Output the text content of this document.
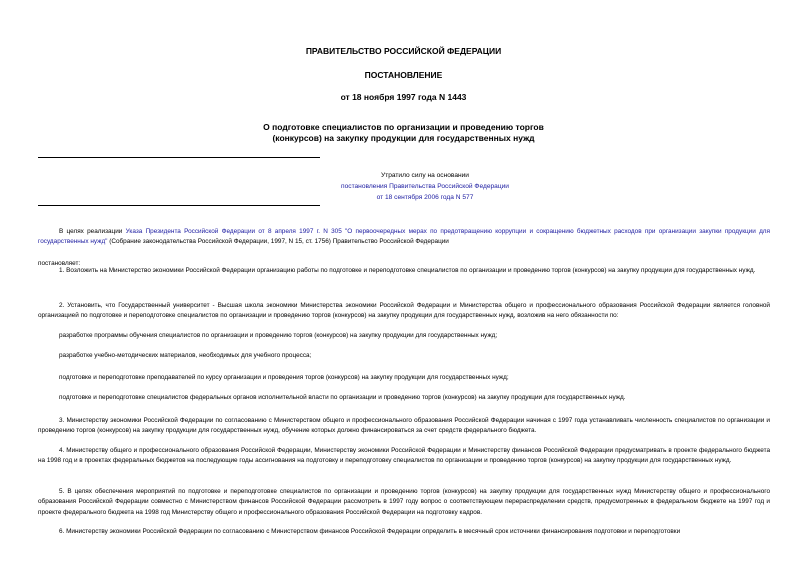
ПРАВИТЕЛЬСТВО РОССИЙСКОЙ ФЕДЕРАЦИИ
ПОСТАНОВЛЕНИЕ
от 18 ноября 1997 года N 1443
О подготовке специалистов по организации и проведению торгов
(конкурсов) на закупку продукции для государственных нужд
Утратило силу на основании
постановления Правительства Российской Федерации
от 18 сентября 2006 года N 577
В целях реализации Указа Президента Российской Федерации от 8 апреля 1997 г. N 305 "О первоочередных мерах по предотвращению коррупции и сокращению бюджетных расходов при организации закупки продукции для государственных нужд" (Собрание законодательства Российской Федерации, 1997, N 15, ст. 1756) Правительство Российской Федерации
постановляет:
1. Возложить на Министерство экономики Российской Федерации организацию работы по подготовке и переподготовке специалистов по организации и проведению торгов (конкурсов) на закупку продукции для государственных нужд.
2. Установить, что Государственный университет - Высшая школа экономики Министерства экономики Российской Федерации и Министерства общего и профессионального образования Российской Федерации является головной организацией по подготовке и переподготовке специалистов по организации и проведению торгов (конкурсов) на закупку продукции для государственных нужд, возложив на него обязанности по:
разработке программы обучения специалистов по организации и проведению торгов (конкурсов) на закупку продукции для государственных нужд;
разработке учебно-методических материалов, необходимых для учебного процесса;
подготовке и переподготовке преподавателей по курсу организации и проведения торгов (конкурсов) на закупку продукции для государственных нужд;
подготовке и переподготовке специалистов федеральных органов исполнительной власти по организации и проведению торгов (конкурсов) на закупку продукции для государственных нужд.
3. Министерству экономики Российской Федерации по согласованию с Министерством общего и профессионального образования Российской Федерации начиная с 1997 года устанавливать численность специалистов по организации и проведению торгов (конкурсов) на закупку продукции для государственных нужд, обучение которых должно финансироваться за счет средств федерального бюджета.
4. Министерству общего и профессионального образования Российской Федерации, Министерству экономики Российской Федерации и Министерству финансов Российской Федерации предусматривать в проекте федерального бюджета на 1998 год и в проектах федеральных бюджетов на последующие годы ассигнования на подготовку и переподготовку специалистов по организации и проведению торгов (конкурсов) на закупку продукции для государственных нужд.
5. В целях обеспечения мероприятий по подготовке и переподготовке специалистов по организации и проведению торгов (конкурсов) на закупку продукции для государственных нужд Министерству общего и профессионального образования Российской Федерации совместно с Министерством финансов Российской Федерации рассмотреть в 1997 году вопрос о соответствующем перераспределении средств, предусмотренных в федеральном бюджете на 1997 год и проекте федерального бюджета на 1998 год Министерству общего и профессионального образования Российской Федерации на подготовку кадров.
6. Министерству экономики Российской Федерации по согласованию с Министерством финансов Российской Федерации определить в месячный срок источники финансирования подготовки и переподготовки
